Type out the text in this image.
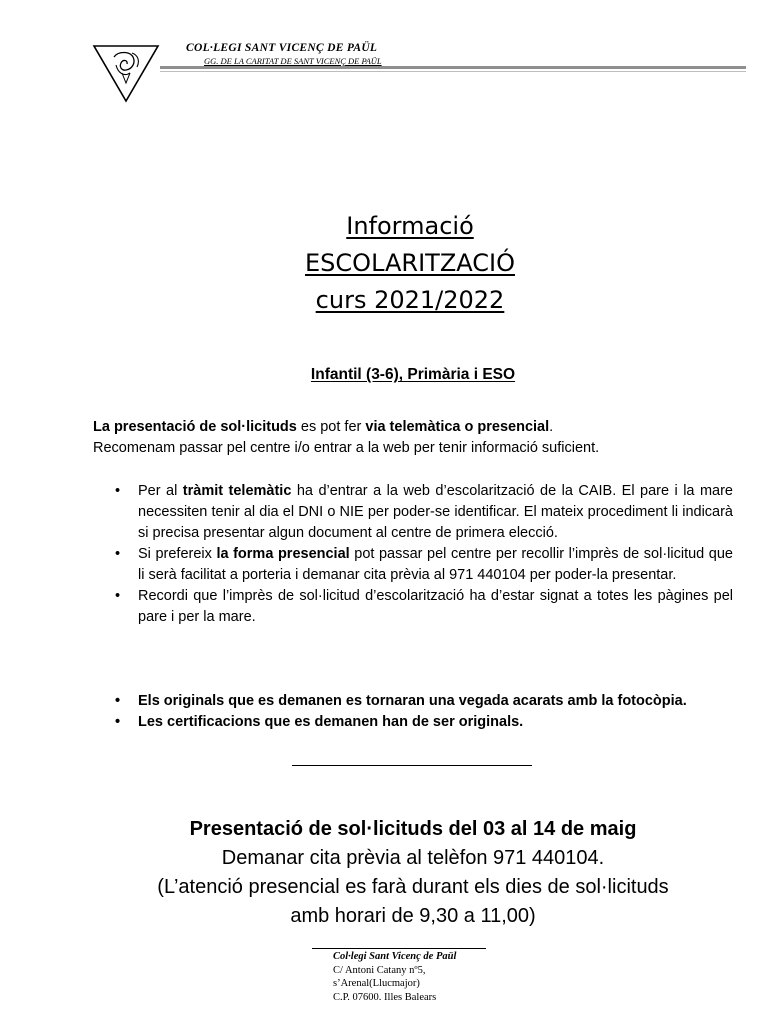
COL·LEGI SANT VICENÇ DE PAÜL
GG. DE LA CARITAT DE SANT VICENÇ DE PAÜL
Informació
ESCOLARITZACIÓ
curs 2021/2022
Infantil (3-6), Primària i ESO
La presentació de sol·licituds es pot fer via telemàtica o presencial.
Recomenam passar pel centre i/o entrar a la web per tenir informació suficient.
• Per al tràmit telemàtic ha d’entrar a la web d’escolarització de la CAIB. El pare i la mare necessiten tenir al dia el DNI o NIE per poder-se identificar. El mateix procediment li indicarà si precisa presentar algun document al centre de primera elecció.
• Si prefereix la forma presencial pot passar pel centre per recollir l’imprès de sol·licitud que li serà facilitat a porteria i demanar cita prèvia al 971 440104 per poder-la presentar.
• Recordi que l’imprès de sol·licitud d’escolarització ha d’estar signat a totes les pàgines pel pare i per la mare.
• Els originals que es demanen es tornaran una vegada acarats amb la fotocòpia.
• Les certificacions que es demanen han de ser originals.
Presentació de sol·licituds del 03 al 14 de maig
Demanar cita prèvia al telèfon 971 440104.
(L’atenció presencial es farà durant els dies de sol·licituds
amb horari de 9,30 a 11,00)
Col·legi Sant Vicenç de Paül
C/ Antoni Catany nº5,
s’Arenal(Llucmajor)
C.P. 07600. Illes Balears
